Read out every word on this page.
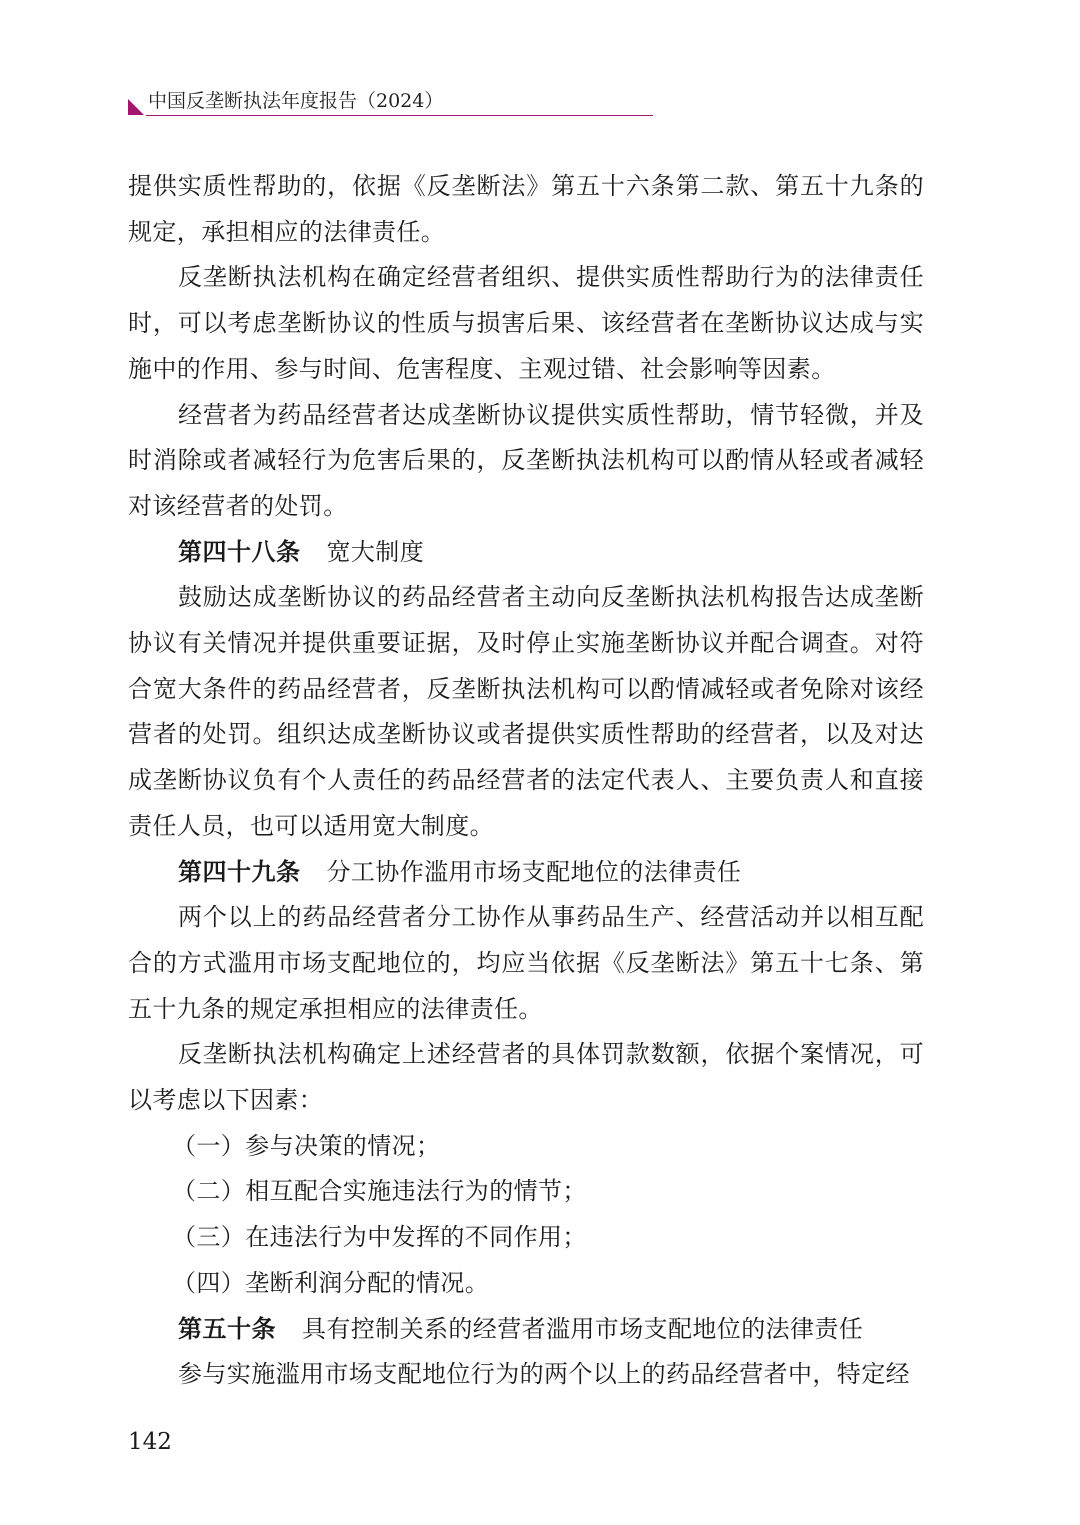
中国反垄断执法年度报告（2024）

提供实质性帮助的，依据《反垄断法》第五十六条第二款、第五十九条的规定，承担相应的法律责任。

反垄断执法机构在确定经营者组织、提供实质性帮助行为的法律责任时，可以考虑垄断协议的性质与损害后果、该经营者在垄断协议达成与实施中的作用、参与时间、危害程度、主观过错、社会影响等因素。

经营者为药品经营者达成垄断协议提供实质性帮助，情节轻微，并及时消除或者减轻行为危害后果的，反垄断执法机构可以酌情从轻或者减轻对该经营者的处罚。

第四十八条 宽大制度

鼓励达成垄断协议的药品经营者主动向反垄断执法机构报告达成垄断协议有关情况并提供重要证据，及时停止实施垄断协议并配合调查。对符合宽大条件的药品经营者，反垄断执法机构可以酌情减轻或者免除对该经营者的处罚。组织达成垄断协议或者提供实质性帮助的经营者，以及对达成垄断协议负有个人责任的药品经营者的法定代表人、主要负责人和直接责任人员，也可以适用宽大制度。

第四十九条 分工协作滥用市场支配地位的法律责任

两个以上的药品经营者分工协作从事药品生产、经营活动并以相互配合的方式滥用市场支配地位的，均应当依据《反垄断法》第五十七条、第五十九条的规定承担相应的法律责任。

反垄断执法机构确定上述经营者的具体罚款数额，依据个案情况，可以考虑以下因素：

（一）参与决策的情况；

（二）相互配合实施违法行为的情节；

（三）在违法行为中发挥的不同作用；

（四）垄断利润分配的情况。

第五十条 具有控制关系的经营者滥用市场支配地位的法律责任

参与实施滥用市场支配地位行为的两个以上的药品经营者中，特定经

142
